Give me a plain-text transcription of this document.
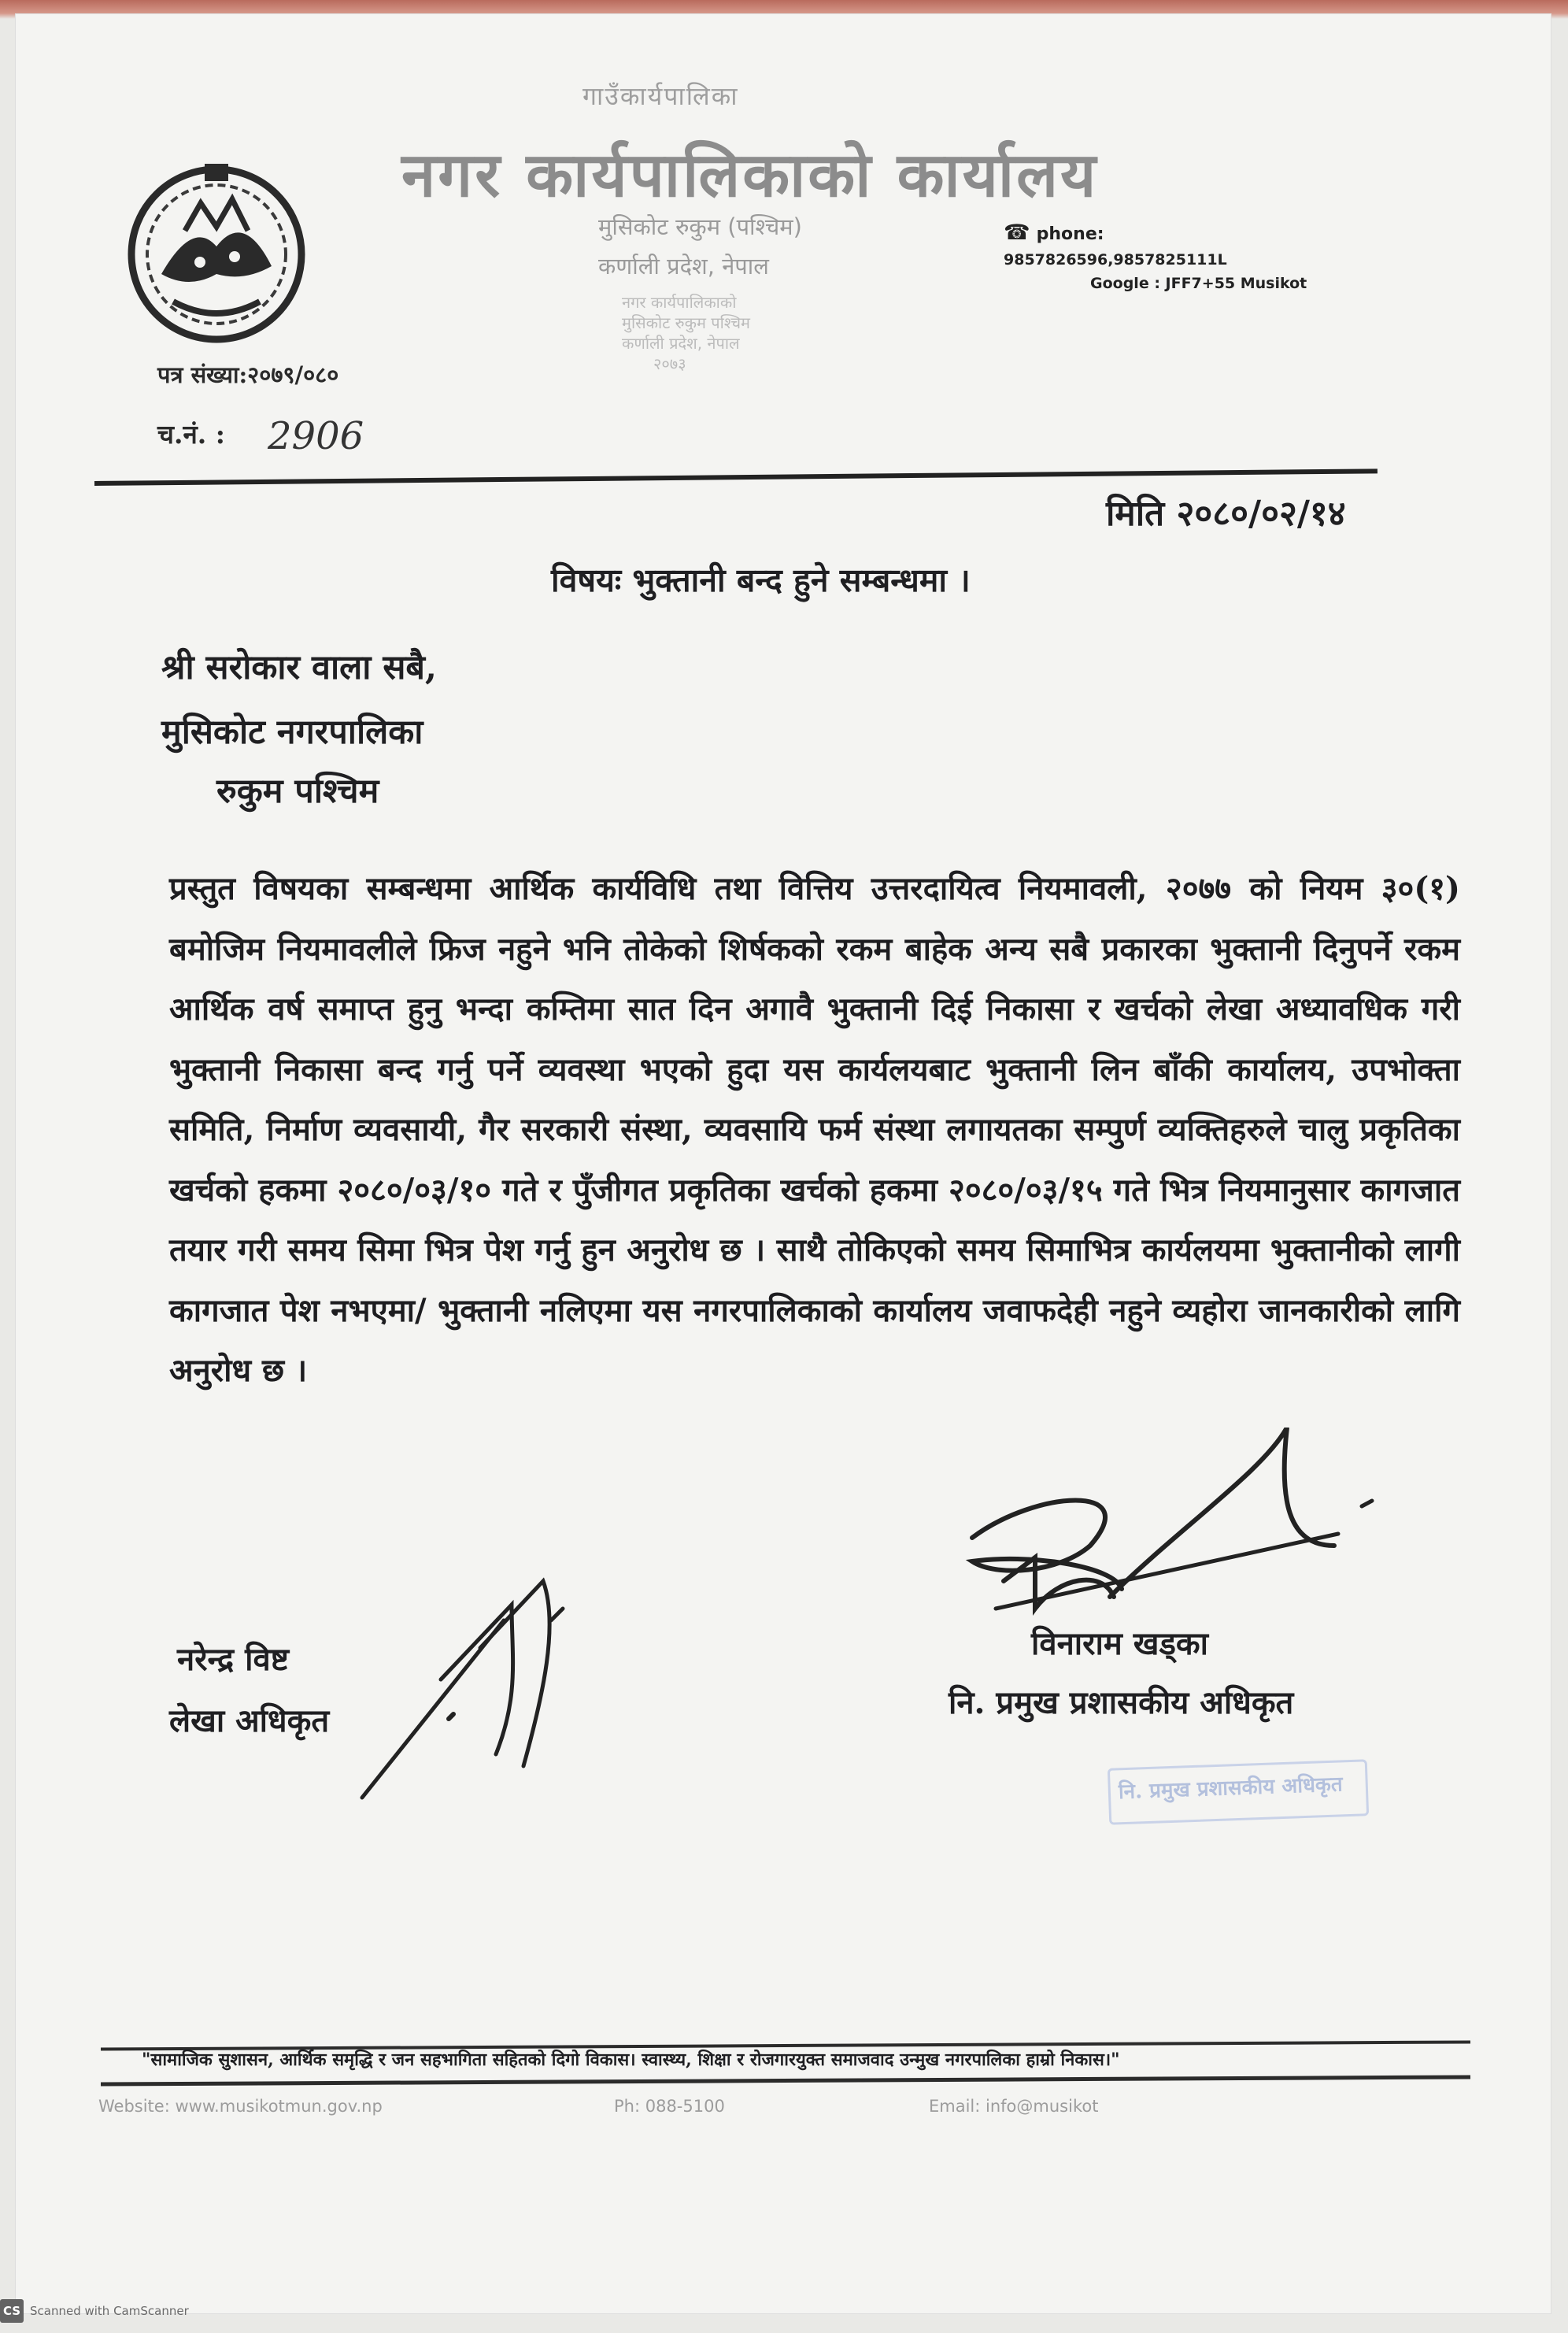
गाउँकार्यपालिका
नगर कार्यपालिकाको कार्यालय
मुसिकोट रुकुम (पश्चिम)
कर्णाली प्रदेश, नेपाल
नगर कार्यपालिकाको
मुसिकोट रुकुम पश्चिम
कर्णाली प्रदेश, नेपाल
२०७३
☎ phone:
9857826596,9857825111L
Google : JFF7+55 Musikot
पत्र संख्या:२०७९/०८०
च.नं. : 2906
मिति २०८०/०२/१४
विषयः भुक्तानी बन्द हुने सम्बन्धमा ।
श्री सरोकार वाला सबै,
मुसिकोट नगरपालिका
रुकुम पश्चिम
प्रस्तुत विषयका सम्बन्धमा आर्थिक कार्यविधि तथा वित्तिय उत्तरदायित्व नियमावली, २०७७ को नियम ३०(१) बमोजिम नियमावलीले फ्रिज नहुने भनि तोकेको शिर्षकको रकम बाहेक अन्य सबै प्रकारका भुक्तानी दिनुपर्ने रकम आर्थिक वर्ष समाप्त हुनु भन्दा कम्तिमा सात दिन अगावै भुक्तानी दिई निकासा र खर्चको लेखा अध्यावधिक गरी भुक्तानी निकासा बन्द गर्नु पर्ने व्यवस्था भएको हुदा यस कार्यलयबाट भुक्तानी लिन बाँकी कार्यालय, उपभोक्ता समिति, निर्माण व्यवसायी, गैर सरकारी संस्था, व्यवसायि फर्म संस्था लगायतका सम्पुर्ण व्यक्तिहरुले चालु प्रकृतिका खर्चको हकमा २०८०/०३/१० गते र पुँजीगत प्रकृतिका खर्चको हकमा २०८०/०३/१५ गते भित्र नियमानुसार कागजात तयार गरी समय सिमा भित्र पेश गर्नु हुन अनुरोध छ । साथै तोकिएको समय सिमाभित्र कार्यलयमा भुक्तानीको लागी कागजात पेश नभएमा/ भुक्तानी नलिएमा यस नगरपालिकाको कार्यालय जवाफदेही नहुने व्यहोरा जानकारीको लागि अनुरोध छ ।
नरेन्द्र विष्ट
लेखा अधिकृत
विनाराम खड्का
नि. प्रमुख प्रशासकीय अधिकृत
नि. प्रमुख प्रशासकीय अधिकृत
"सामाजिक सुशासन, आर्थिक समृद्धि र जन सहभागिता सहितको दिगो विकास। स्वास्थ्य, शिक्षा र रोजगारयुक्त समाजवाद उन्मुख नगरपालिका हाम्रो निकास।"
Website: www.musikotmun.gov.np	Ph: 088-5100	Email: info@musikot
CS Scanned with CamScanner
